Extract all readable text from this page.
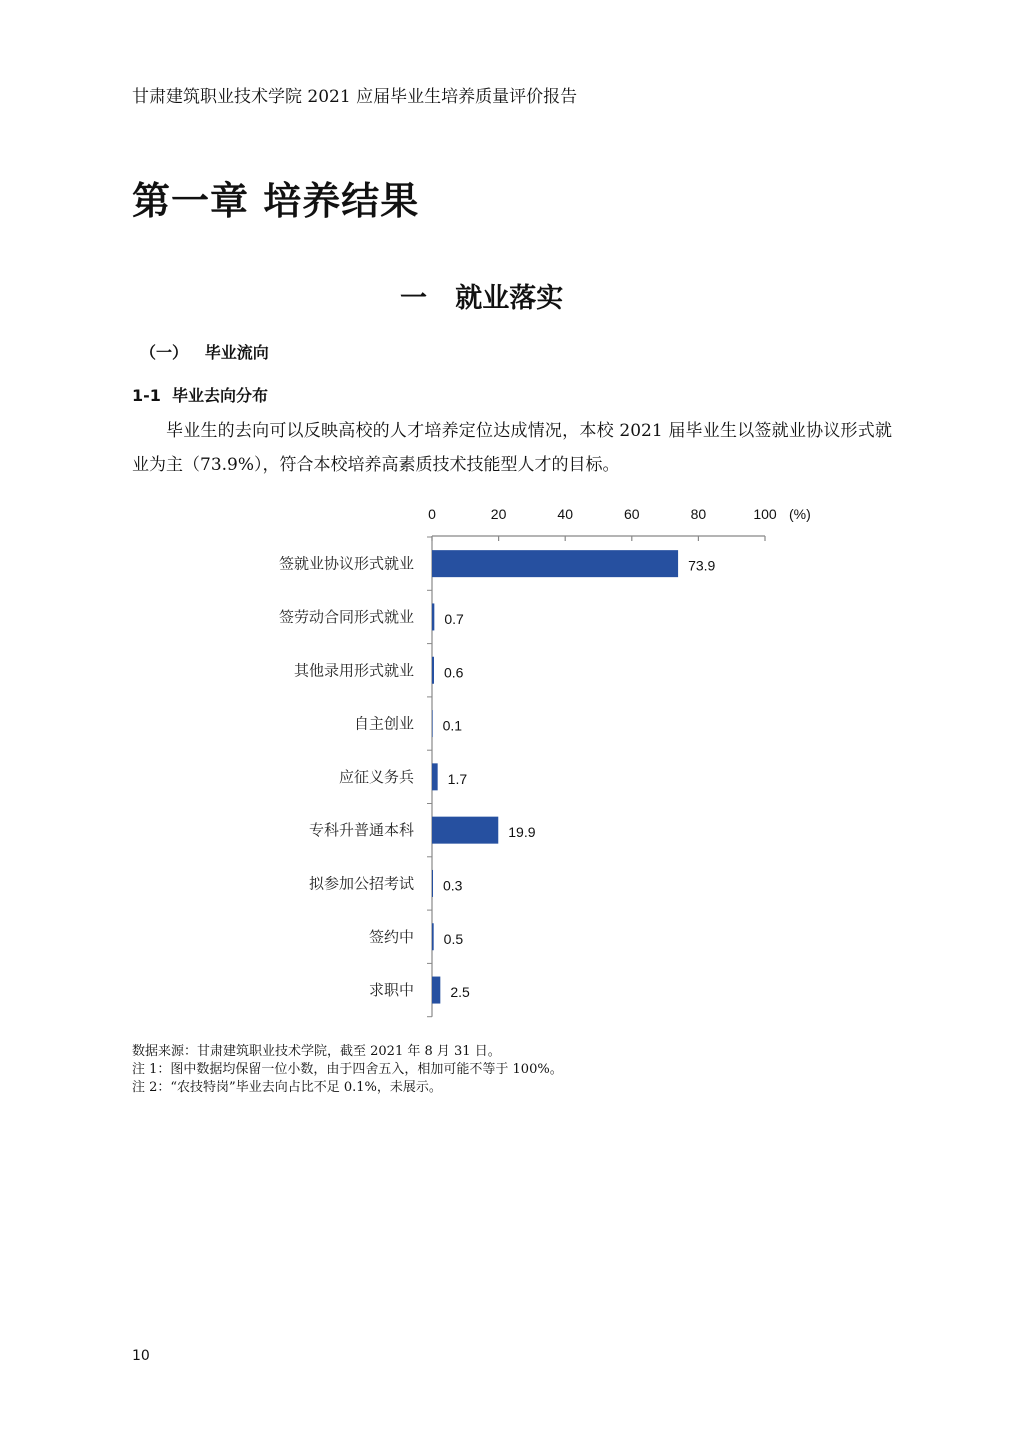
甘肃建筑职业技术学院 2021 应届毕业生培养质量评价报告
第一章 培养结果
一   就业落实
（一）   毕业流向
1-1  毕业去向分布

毕业生的去向可以反映高校的人才培养定位达成情况，本校 2021 届毕业生以签就业协议形式就业为主（73.9%），符合本校培养高素质技术技能型人才的目标。

0	20	40	60	80	100 (%)
签就业协议形式就业	73.9
签劳动合同形式就业 0.7
其他录用形式就业 0.6
自主创业 0.1
应征义务兵 1.7
专科升普通本科	19.9
拟参加公招考试 0.3
签约中 0.5
求职中	2.5
数据来源：甘肃建筑职业技术学院，截至 2021 年 8 月 31 日。
注 1：图中数据均保留一位小数，由于四舍五入，相加可能不等于 100%。
注 2：“农技特岗”毕业去向占比不足 0.1%，未展示。
10
